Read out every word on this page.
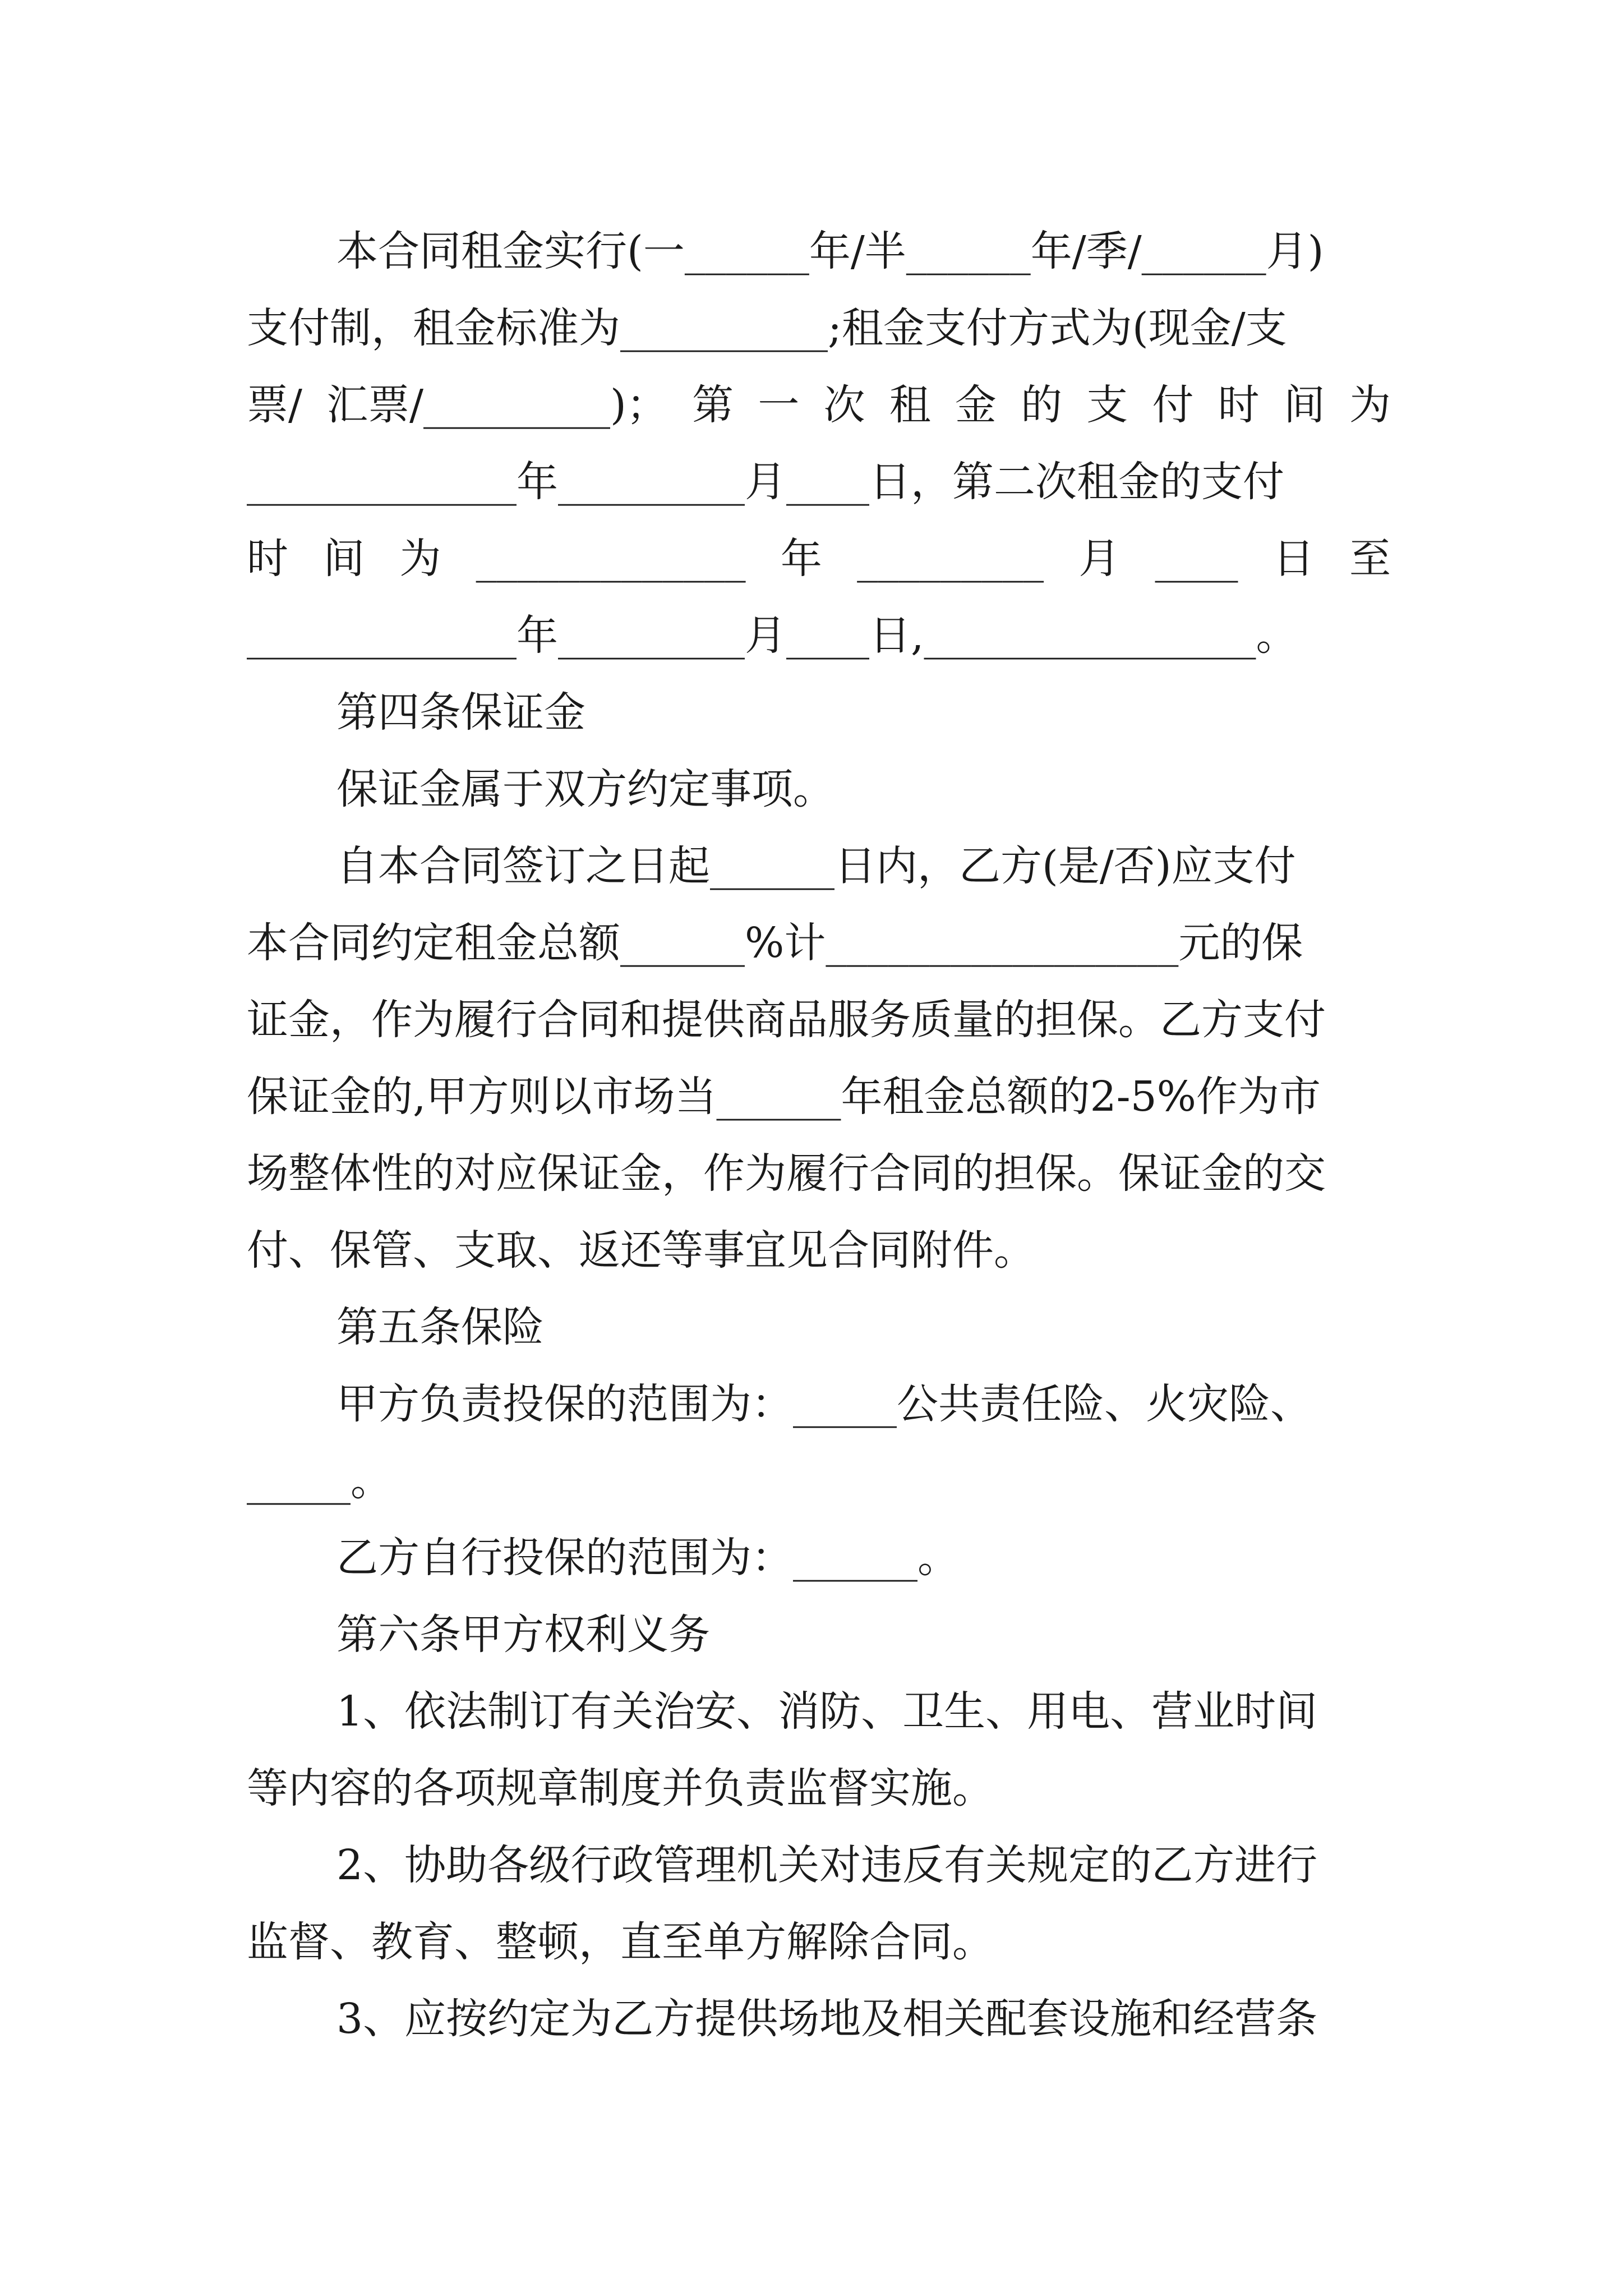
本合同租金实行(一______年/半______年/季/______月)
支付制，租金标准为__________;租金支付方式为(现金/支
票/ 汇票/_________)； 第 一 次 租 金 的 支 付 时 间 为
_____________年_________月____日，第二次租金的支付
时 间 为 _____________ 年 _________ 月 ____ 日 至
_____________年_________月____日,________________。
第四条保证金
保证金属于双方约定事项。
自本合同签订之日起______日内，乙方(是/否)应支付
本合同约定租金总额______%计_________________元的保
证金，作为履行合同和提供商品服务质量的担保。乙方支付
保证金的,甲方则以市场当______年租金总额的2-5%作为市
场整体性的对应保证金，作为履行合同的担保。保证金的交
付、保管、支取、返还等事宜见合同附件。
第五条保险
甲方负责投保的范围为：_____公共责任险、火灾险、
_____。
乙方自行投保的范围为：______。
第六条甲方权利义务
1、依法制订有关治安、消防、卫生、用电、营业时间
等内容的各项规章制度并负责监督实施。
2、协助各级行政管理机关对违反有关规定的乙方进行
监督、教育、整顿，直至单方解除合同。
3、应按约定为乙方提供场地及相关配套设施和经营条
